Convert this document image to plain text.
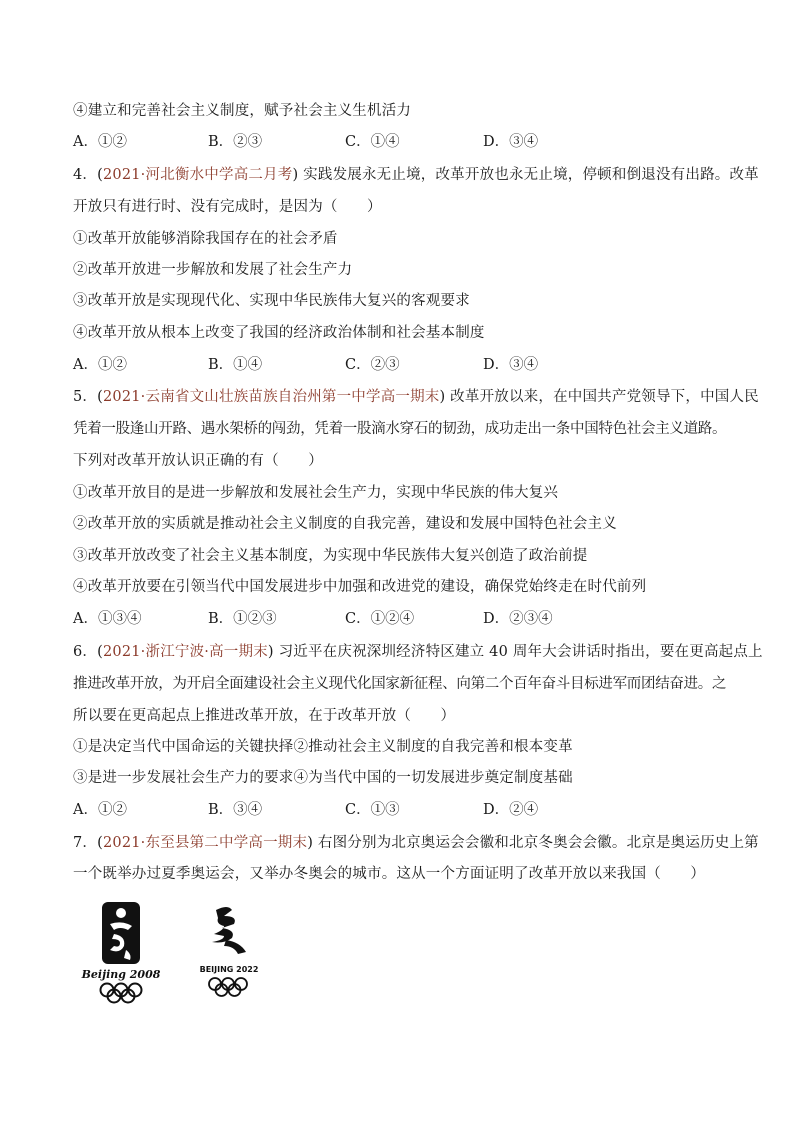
④建立和完善社会主义制度，赋予社会主义生机活力
A．①②	B．②③	C．①④	D．③④
4．(2021·河北衡水中学高二月考) 实践发展永无止境，改革开放也永无止境，停顿和倒退没有出路。改革
开放只有进行时、没有完成时，是因为（　　）
①改革开放能够消除我国存在的社会矛盾
②改革开放进一步解放和发展了社会生产力
③改革开放是实现现代化、实现中华民族伟大复兴的客观要求
④改革开放从根本上改变了我国的经济政治体制和社会基本制度
A．①②	B．①④	C．②③	D．③④
5．(2021·云南省文山壮族苗族自治州第一中学高一期末) 改革开放以来，在中国共产党领导下，中国人民
凭着一股逢山开路、遇水架桥的闯劲，凭着一股滴水穿石的韧劲，成功走出一条中国特色社会主义道路。
下列对改革开放认识正确的有（　　）
①改革开放目的是进一步解放和发展社会生产力，实现中华民族的伟大复兴
②改革开放的实质就是推动社会主义制度的自我完善，建设和发展中国特色社会主义
③改革开放改变了社会主义基本制度，为实现中华民族伟大复兴创造了政治前提
④改革开放要在引领当代中国发展进步中加强和改进党的建设，确保党始终走在时代前列
A．①③④	B．①②③	C．①②④	D．②③④
6．(2021·浙江宁波·高一期末) 习近平在庆祝深圳经济特区建立 40 周年大会讲话时指出，要在更高起点上
推进改革开放，为开启全面建设社会主义现代化国家新征程、向第二个百年奋斗目标进军而团结奋进。之
所以要在更高起点上推进改革开放，在于改革开放（　　）
①是决定当代中国命运的关键抉择②推动社会主义制度的自我完善和根本变革
③是进一步发展社会生产力的要求④为当代中国的一切发展进步奠定制度基础
A．①②	B．③④	C．①③	D．②④
7．(2021·东至县第二中学高一期末) 右图分别为北京奥运会会徽和北京冬奥会会徽。北京是奥运历史上第
一个既举办过夏季奥运会，又举办冬奥会的城市。这从一个方面证明了改革开放以来我国（　　）
Beijing 2008	BEIJING 2022
